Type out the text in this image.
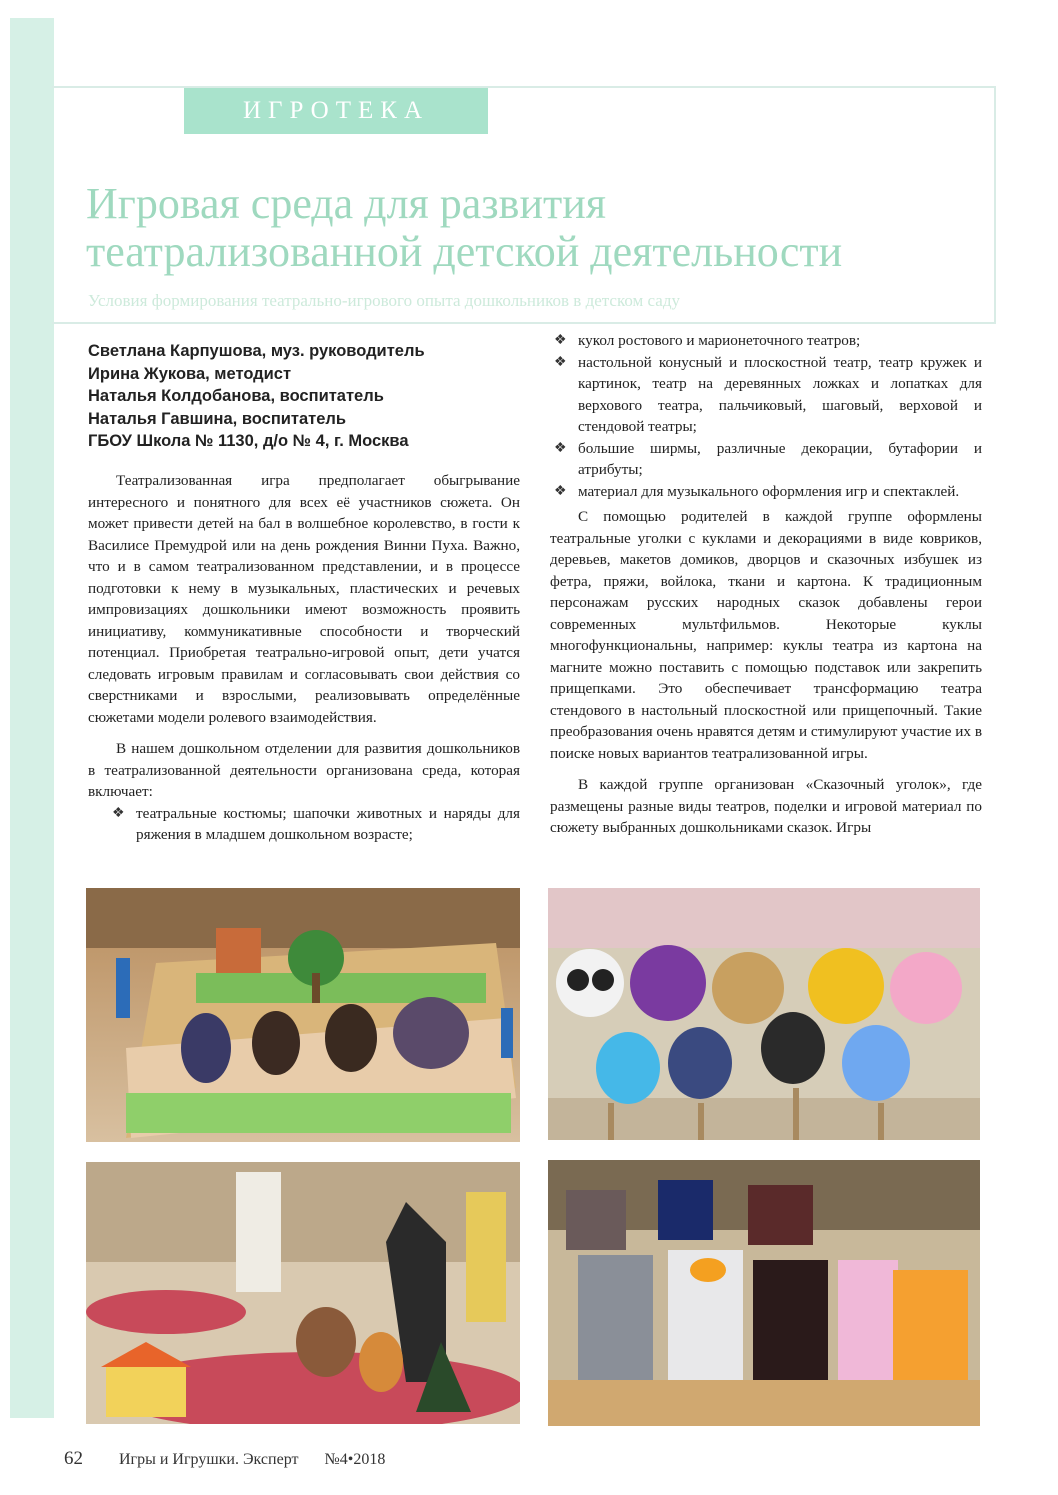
ИГРОТЕКА
Игровая среда для развития
театрализованной детской деятельности
Условия формирования театрально-игрового опыта дошкольников в детском саду
Светлана Карпушова, муз. руководитель
Ирина Жукова, методист
Наталья Колдобанова, воспитатель
Наталья Гавшина, воспитатель
ГБОУ Школа № 1130, д/о № 4, г. Москва

Театрализованная игра предполагает обыгрывание интересного и понятного для всех её участников сюжета. Он может привести детей на бал в волшебное королевство, в гости к Василисе Премудрой или на день рождения Винни Пуха. Важно, что и в самом театрализованном представлении, и в процессе подготовки к нему в музыкальных, пластических и речевых импровизациях дошкольники имеют возможность проявить инициативу, коммуникативные способности и творческий потенциал. Приобретая театрально-игровой опыт, дети учатся следовать игровым правилам и согласовывать свои действия со сверстниками и взрослыми, реализовывать определённые сюжетами модели ролевого взаимодействия.

В нашем дошкольном отделении для развития дошкольников в театрализованной деятельности организована среда, которая включает:

❖ театральные костюмы; шапочки животных и наряды для ряжения в младшем дошкольном возрасте;
❖ кукол ростового и марионеточного театров;
❖ настольной конусный и плоскостной театр, театр кружек и картинок, театр на деревянных ложках и лопатках для верхового театра, пальчиковый, шаговый, верховой и стендовой театры;
❖ большие ширмы, различные декорации, бутафории и атрибуты;
❖ материал для музыкального оформления игр и спектаклей.

С помощью родителей в каждой группе оформлены театральные уголки с куклами и декорациями в виде ковриков, деревьев, макетов домиков, дворцов и сказочных избушек из фетра, пряжи, войлока, ткани и картона. К традиционным персонажам русских народных сказок добавлены герои современных мультфильмов. Некоторые куклы многофункциональны, например: куклы театра из картона на магните можно поставить с помощью подставок или закрепить прищепками. Это обеспечивает трансформацию театра стендового в настольный плоскостной или прищепочный. Такие преобразования очень нравятся детям и стимулируют участие их в поиске новых вариантов театрализованной игры.

В каждой группе организован «Сказочный уголок», где размещены разные виды театров, поделки и игровой материал по сюжету выбранных дошкольниками сказок. Игры

62 Игры и Игрушки. Эксперт №4•2018
